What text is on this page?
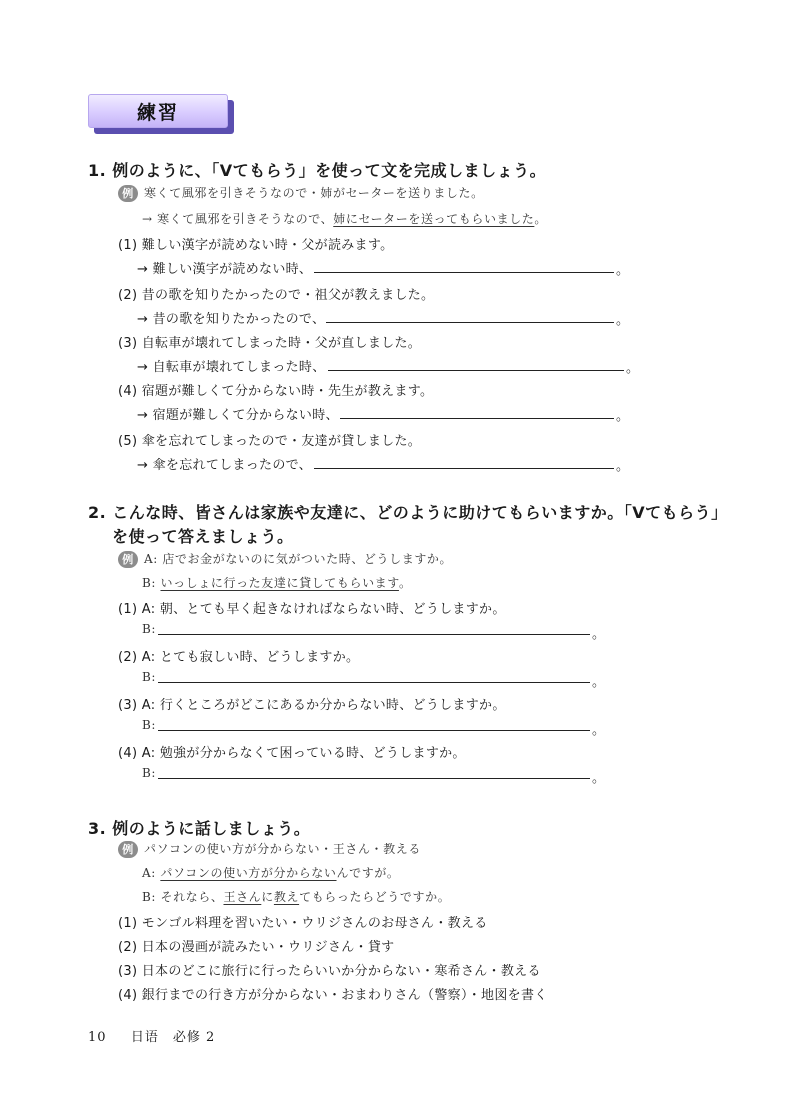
練習
1. 例のように、「Vてもらう」を使って文を完成しましょう。
例 寒くて風邪を引きそうなので・姉がセーターを送りました。
→ 寒くて風邪を引きそうなので、姉にセーターを送ってもらいました。
(1) 難しい漢字が読めない時・父が読みます。
→ 難しい漢字が読めない時、	。
(2) 昔の歌を知りたかったので・祖父が教えました。
→ 昔の歌を知りたかったので、	。
(3) 自転車が壊れてしまった時・父が直しました。
→ 自転車が壊れてしまった時、	。
(4) 宿題が難しくて分からない時・先生が教えます。
→ 宿題が難しくて分からない時、	。
(5) 傘を忘れてしまったので・友達が貸しました。
→ 傘を忘れてしまったので、	。
2. こんな時、皆さんは家族や友達に、どのように助けてもらいますか。「Vてもらう」
を使って答えましょう。
例 A: 店でお金がないのに気がついた時、どうしますか。
B: いっしょに行った友達に貸してもらいます。
(1) A: 朝、とても早く起きなければならない時、どうしますか。
B:	。
(2) A: とても寂しい時、どうしますか。
B:	。
(3) A: 行くところがどこにあるか分からない時、どうしますか。
B:	。
(4) A: 勉強が分からなくて困っている時、どうしますか。
B:	。
3. 例のように話しましょう。
例 パソコンの使い方が分からない・王さん・教える
A: パソコンの使い方が分からないんですが。
B: それなら、王さんに教えてもらったらどうですか。
(1) モンゴル料理を習いたい・ウリジさんのお母さん・教える
(2) 日本の漫画が読みたい・ウリジさん・貸す
(3) 日本のどこに旅行に行ったらいいか分からない・寒希さん・教える
(4) 銀行までの行き方が分からない・おまわりさん（警察）・地図を書く
10 日语　必修 2
